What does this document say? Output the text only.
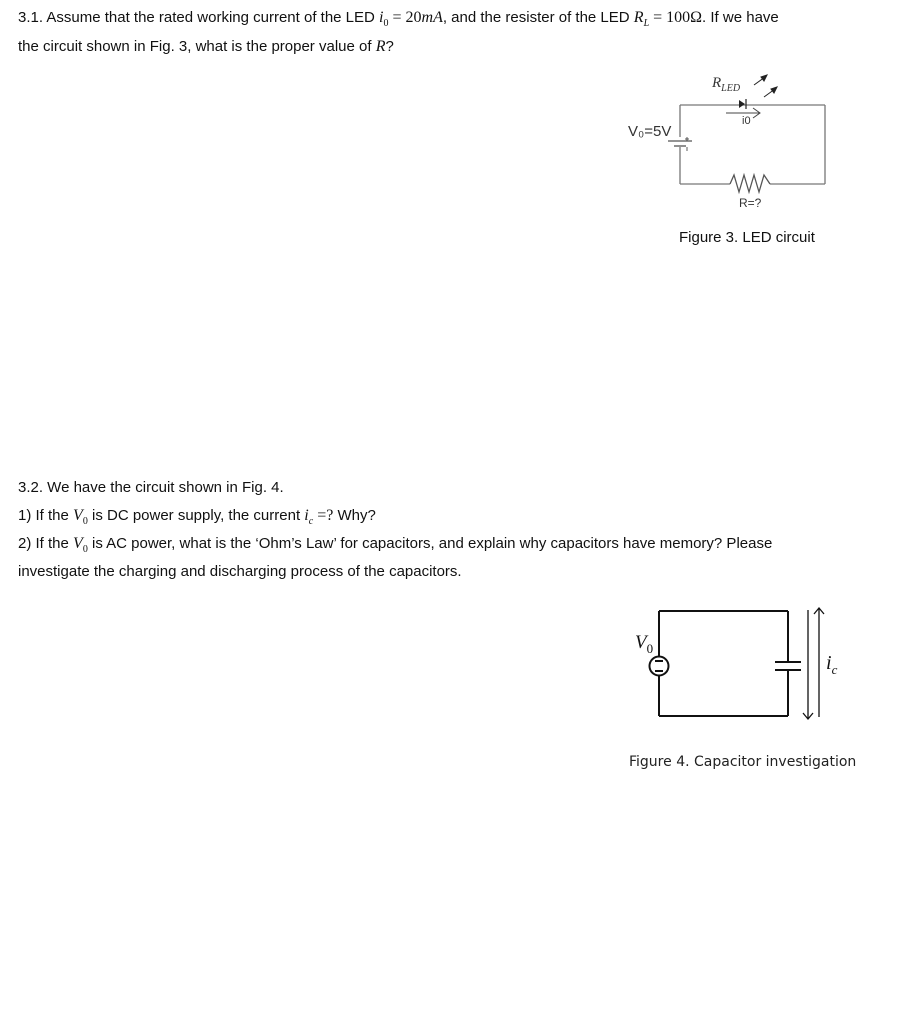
3.1. Assume that the rated working current of the LED $i_0 = 20mA$, and the resister of the LED $R_L = 100\Omega$. If we have
the circuit shown in Fig. 3, what is the proper value of R?
$R_{LED}$
i0
V₀=5V
R=?
Figure 3. LED circuit
3.2. We have the circuit shown in Fig. 4.
1) If the $V_0$ is DC power supply, the current $i_c$ =? Why?
2) If the $V_0$ is AC power, what is the ‘Ohm’s Law’ for capacitors, and explain why capacitors have memory? Please
investigate the charging and discharging process of the capacitors.
$V_0$
$i_c$
Figure 4. Capacitor investigation
